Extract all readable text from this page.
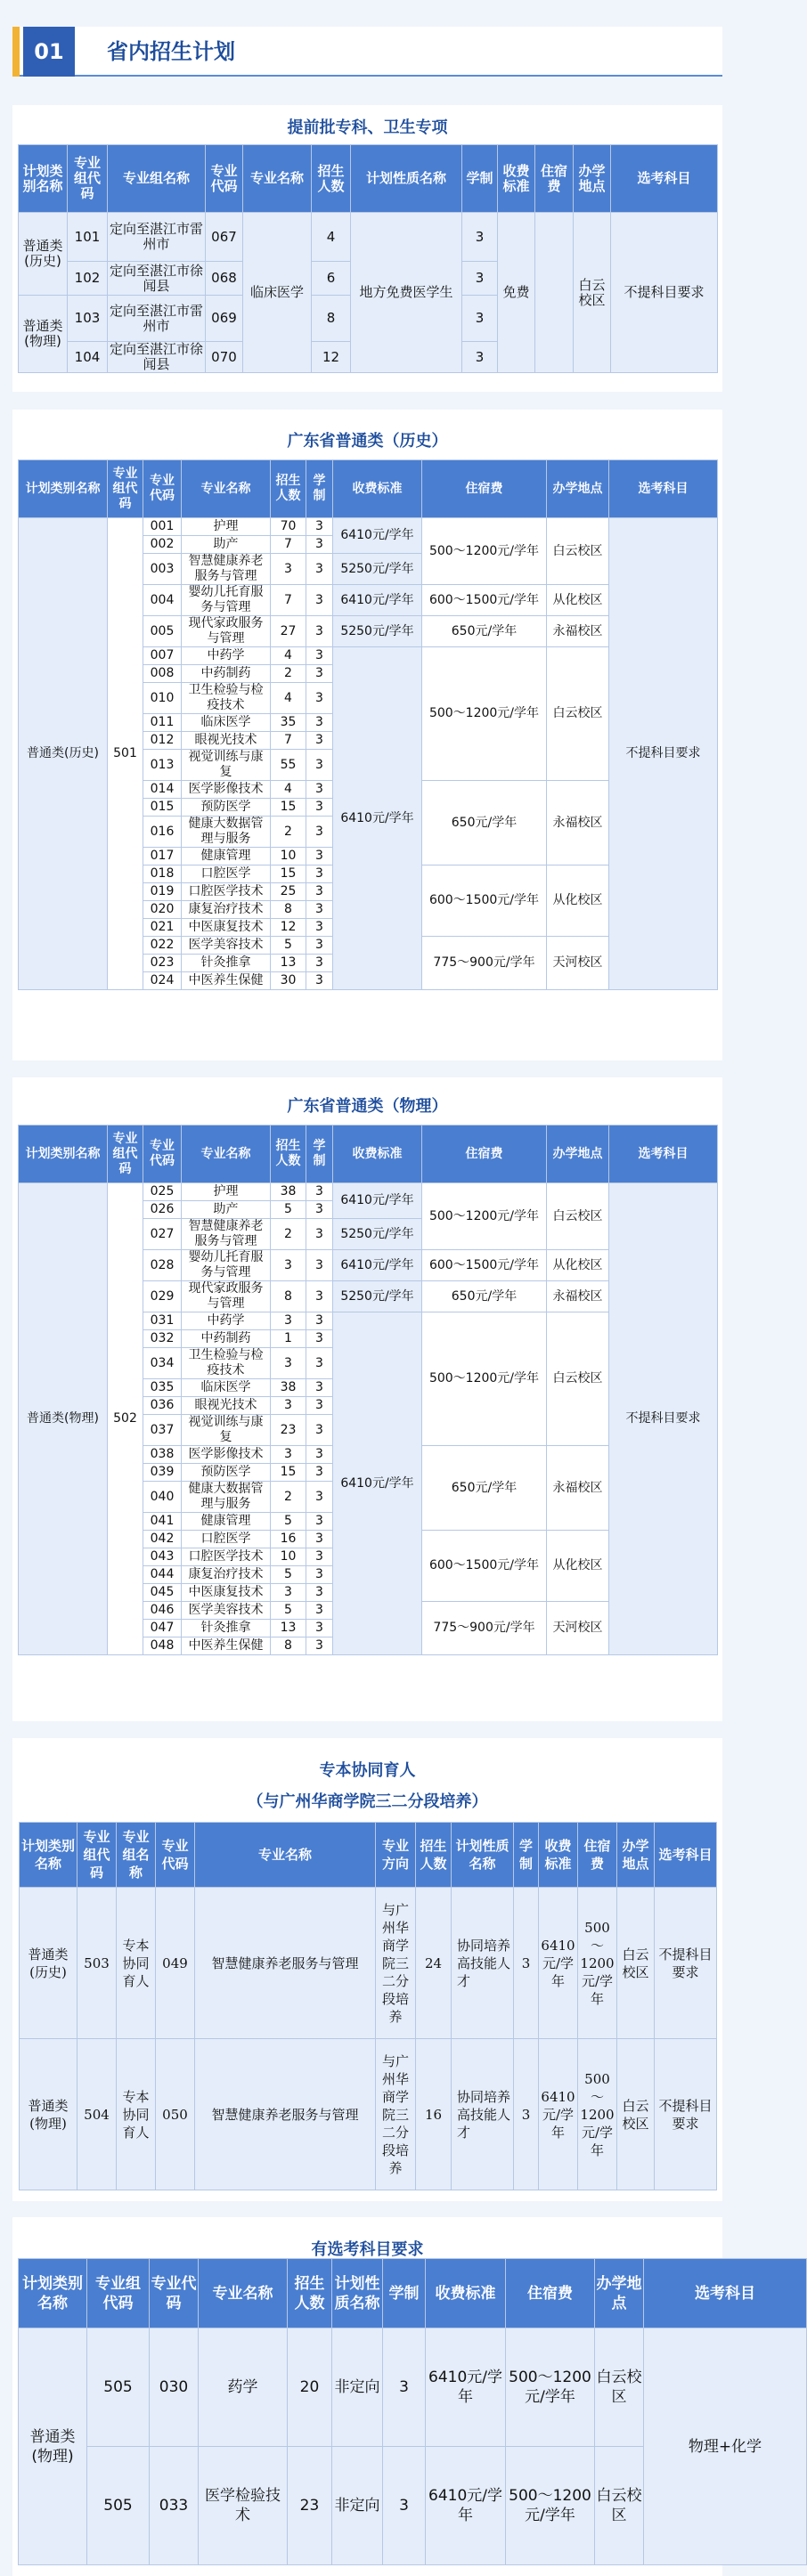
01	省内招生计划
提前批专科、卫生专项
计划类别名称	专业组代码	专业组名称	专业代码	专业名称	招生人数	计划性质名称	学制	收费标准	住宿费	办学地点	选考科目
普通类(历史)	101	定向至湛江市雷州市	067	临床医学	4	地方免费医学生	3	免费		白云校区	不提科目要求
	102	定向至湛江市徐闻县	068		6		3				
普通类(物理)	103	定向至湛江市雷州市	069		8		3				
	104	定向至湛江市徐闻县	070		12		3				
广东省普通类（历史）
计划类别名称	专业组代码	专业代码	专业名称	招生人数	学制	收费标准	住宿费	办学地点	选考科目
普通类(历史)	501	001	护理	70	3	6410元/学年	500～1200元/学年	白云校区	不提科目要求
		002	助产	7	3				
		003	智慧健康养老服务与管理	3	3	5250元/学年			
		004	婴幼儿托育服务与管理	7	3	6410元/学年	600～1500元/学年	从化校区	
		005	现代家政服务与管理	27	3	5250元/学年	650元/学年	永福校区	
		007	中药学	4	3	6410元/学年	500～1200元/学年	白云校区	
		008	中药制药	2	3				
		010	卫生检验与检疫技术	4	3				
		011	临床医学	35	3				
		012	眼视光技术	7	3				
		013	视觉训练与康复	55	3				
		014	医学影像技术	4	3		650元/学年	永福校区	
		015	预防医学	15	3				
		016	健康大数据管理与服务	2	3				
		017	健康管理	10	3				
		018	口腔医学	15	3		600～1500元/学年	从化校区	
		019	口腔医学技术	25	3				
		020	康复治疗技术	8	3				
		021	中医康复技术	12	3				
		022	医学美容技术	5	3		775～900元/学年	天河校区	
		023	针灸推拿	13	3				
		024	中医养生保健	30	3				
广东省普通类（物理）
计划类别名称	专业组代码	专业代码	专业名称	招生人数	学制	收费标准	住宿费	办学地点	选考科目
普通类(物理)	502	025	护理	38	3	6410元/学年	500～1200元/学年	白云校区	不提科目要求
		026	助产	5	3				
		027	智慧健康养老服务与管理	2	3	5250元/学年			
		028	婴幼儿托育服务与管理	3	3	6410元/学年	600～1500元/学年	从化校区	
		029	现代家政服务与管理	8	3	5250元/学年	650元/学年	永福校区	
		031	中药学	3	3	6410元/学年	500～1200元/学年	白云校区	
		032	中药制药	1	3				
		034	卫生检验与检疫技术	3	3				
		035	临床医学	38	3				
		036	眼视光技术	3	3				
		037	视觉训练与康复	23	3				
		038	医学影像技术	3	3		650元/学年	永福校区	
		039	预防医学	15	3				
		040	健康大数据管理与服务	2	3				
		041	健康管理	5	3				
		042	口腔医学	16	3		600～1500元/学年	从化校区	
		043	口腔医学技术	10	3				
		044	康复治疗技术	5	3				
		045	中医康复技术	3	3				
		046	医学美容技术	5	3		775～900元/学年	天河校区	
		047	针灸推拿	13	3				
		048	中医养生保健	8	3				
专本协同育人
（与广州华商学院三二分段培养）
计划类别名称	专业组代码	专业组名称	专业代码	专业名称	专业方向	招生人数	计划性质名称	学制	收费标准	住宿费	办学地点	选考科目
普通类(历史)	503	专本协同育人	049	智慧健康养老服务与管理	与广州华商学院三二分段培养	24	协同培养高技能人才	3	6410元/学年	500～1200元/学年	白云校区	不提科目要求
普通类(物理)	504	专本协同育人	050	智慧健康养老服务与管理	与广州华商学院三二分段培养	16	协同培养高技能人才	3	6410元/学年	500～1200元/学年	白云校区	不提科目要求
有选考科目要求
计划类别名称	专业组代码	专业代码	专业名称	招生人数	计划性质名称	学制	收费标准	住宿费	办学地点	选考科目
普通类(物理)	505	030	药学	20	非定向	3	6410元/学年	500～1200元/学年	白云校区	物理+化学
	505	033	医学检验技术	23	非定向	3	6410元/学年	500～1200元/学年	白云校区	
